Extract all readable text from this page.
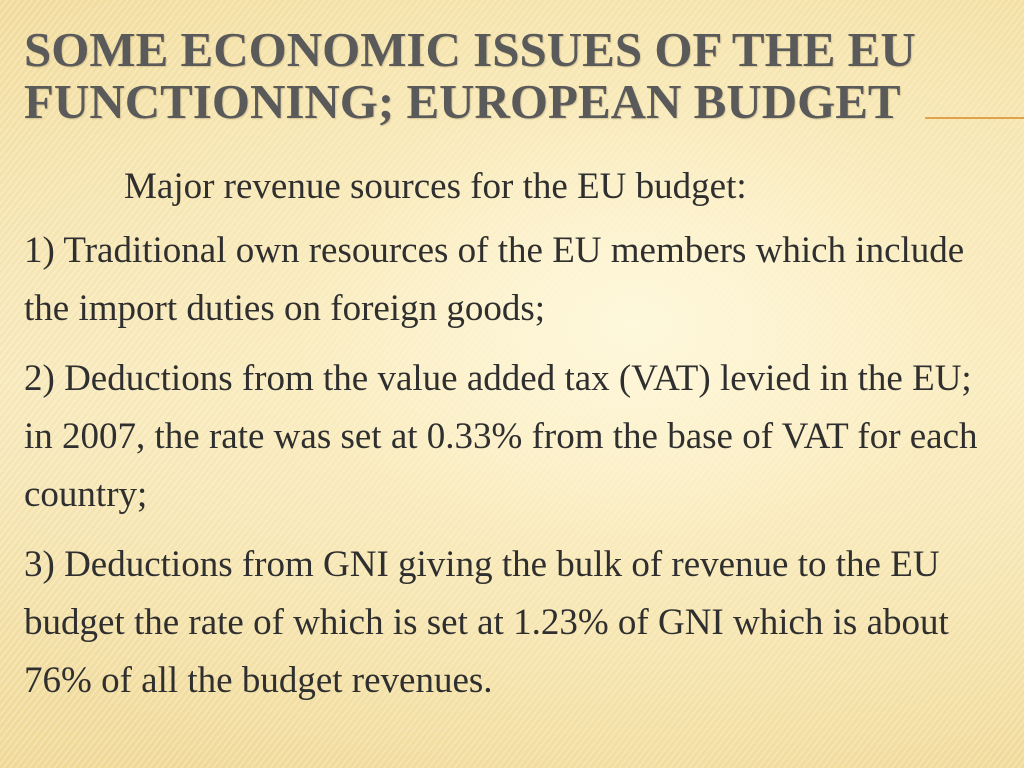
SOME ECONOMIC ISSUES OF THE EU
FUNCTIONING; EUROPEAN BUDGET

Major revenue sources for the EU budget:

1) Traditional own resources of the EU members which include the import duties on foreign goods;

2) Deductions from the value added tax (VAT) levied in the EU; in 2007, the rate was set at 0.33% from the base of VAT for each country;

3) Deductions from GNI giving the bulk of revenue to the EU budget the rate of which is set at 1.23% of GNI which is about 76% of all the budget revenues.
